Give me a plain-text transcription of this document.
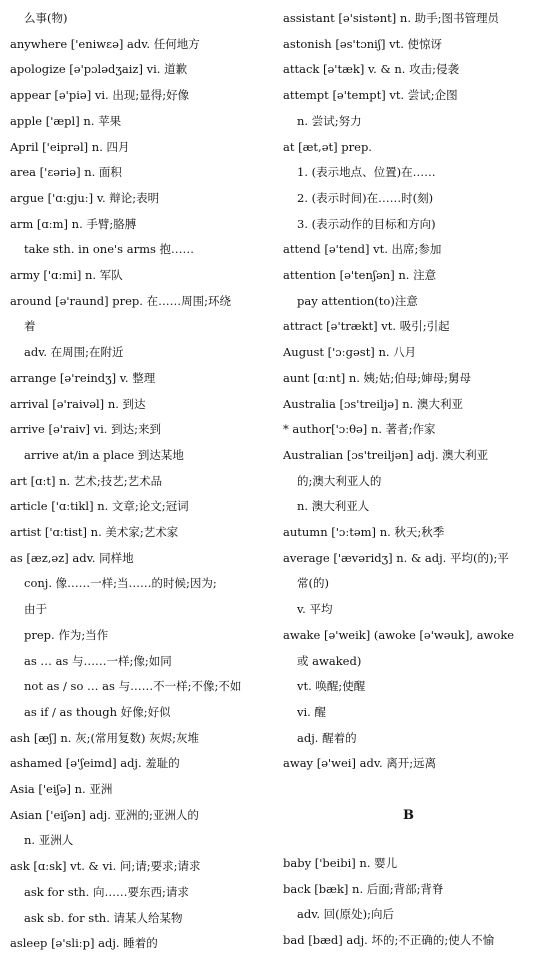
么事(物)
anywhere ['eniwɛə] adv. 任何地方
apologize [ə'pɔlədʒaiz] vi. 道歉
appear [ə'piə] vi. 出现;显得;好像
apple ['æpl] n. 苹果
April ['eiprəl] n. 四月
area ['ɛəriə] n. 面积
argue ['ɑːgjuː] v. 辩论;表明
arm [ɑːm] n. 手臂;胳膊
take sth. in one's arms 抱……
army ['ɑːmi] n. 军队
around [ə'raund] prep. 在……周围;环绕
着
adv. 在周围;在附近
arrange [ə'reindʒ] v. 整理
arrival [ə'raivəl] n. 到达
arrive [ə'raiv] vi. 到达;来到
arrive at/in a place 到达某地
art [ɑːt] n. 艺术;技艺;艺术品
article ['ɑːtikl] n. 文章;论文;冠词
artist ['ɑːtist] n. 美术家;艺术家
as [æz,əz] adv. 同样地
conj. 像……一样;当……的时候;因为;
由于
prep. 作为;当作
as … as 与……一样;像;如同
not as / so … as 与……不一样;不像;不如
as if / as though 好像;好似
ash [æʃ] n. 灰;(常用复数) 灰烬;灰堆
ashamed [ə'ʃeimd] adj. 羞耻的
Asia ['eiʃə] n. 亚洲
Asian ['eiʃən] adj. 亚洲的;亚洲人的
n. 亚洲人
ask [ɑːsk] vt. & vi. 问;请;要求;请求
ask for sth. 向……要东西;请求
ask sb. for sth. 请某人给某物
asleep [ə'sliːp] adj. 睡着的
B
assistant [ə'sistənt] n. 助手;图书管理员
astonish [əs'tɔniʃ] vt. 使惊讶
attack [ə'tæk] v. & n. 攻击;侵袭
attempt [ə'tempt] vt. 尝试;企图
n. 尝试;努力
at [æt,ət] prep.
1. (表示地点、位置)在……
2. (表示时间)在……时(刻)
3. (表示动作的目标和方向)
attend [ə'tend] vt. 出席;参加
attention [ə'tenʃən] n. 注意
pay attention(to)注意
attract [ə'trækt] vt. 吸引;引起
August ['ɔːgəst] n. 八月
aunt [ɑːnt] n. 姨;姑;伯母;婶母;舅母
Australia [ɔs'treiljə] n. 澳大利亚
* author['ɔːθə] n. 著者;作家
Australian [ɔs'treiljən] adj. 澳大利亚
的;澳大利亚人的
n. 澳大利亚人
autumn ['ɔːtəm] n. 秋天;秋季
average ['ævəridʒ] n. & adj. 平均(的);平
常(的)
v. 平均
awake [ə'weik] (awoke [ə'wəuk], awoke
或 awaked)
vt. 唤醒;使醒
vi. 醒
adj. 醒着的
away [ə'wei] adv. 离开;远离
baby ['beibi] n. 婴儿
back [bæk] n. 后面;背部;背脊
adv. 回(原处);向后
bad [bæd] adj. 坏的;不正确的;使人不愉
